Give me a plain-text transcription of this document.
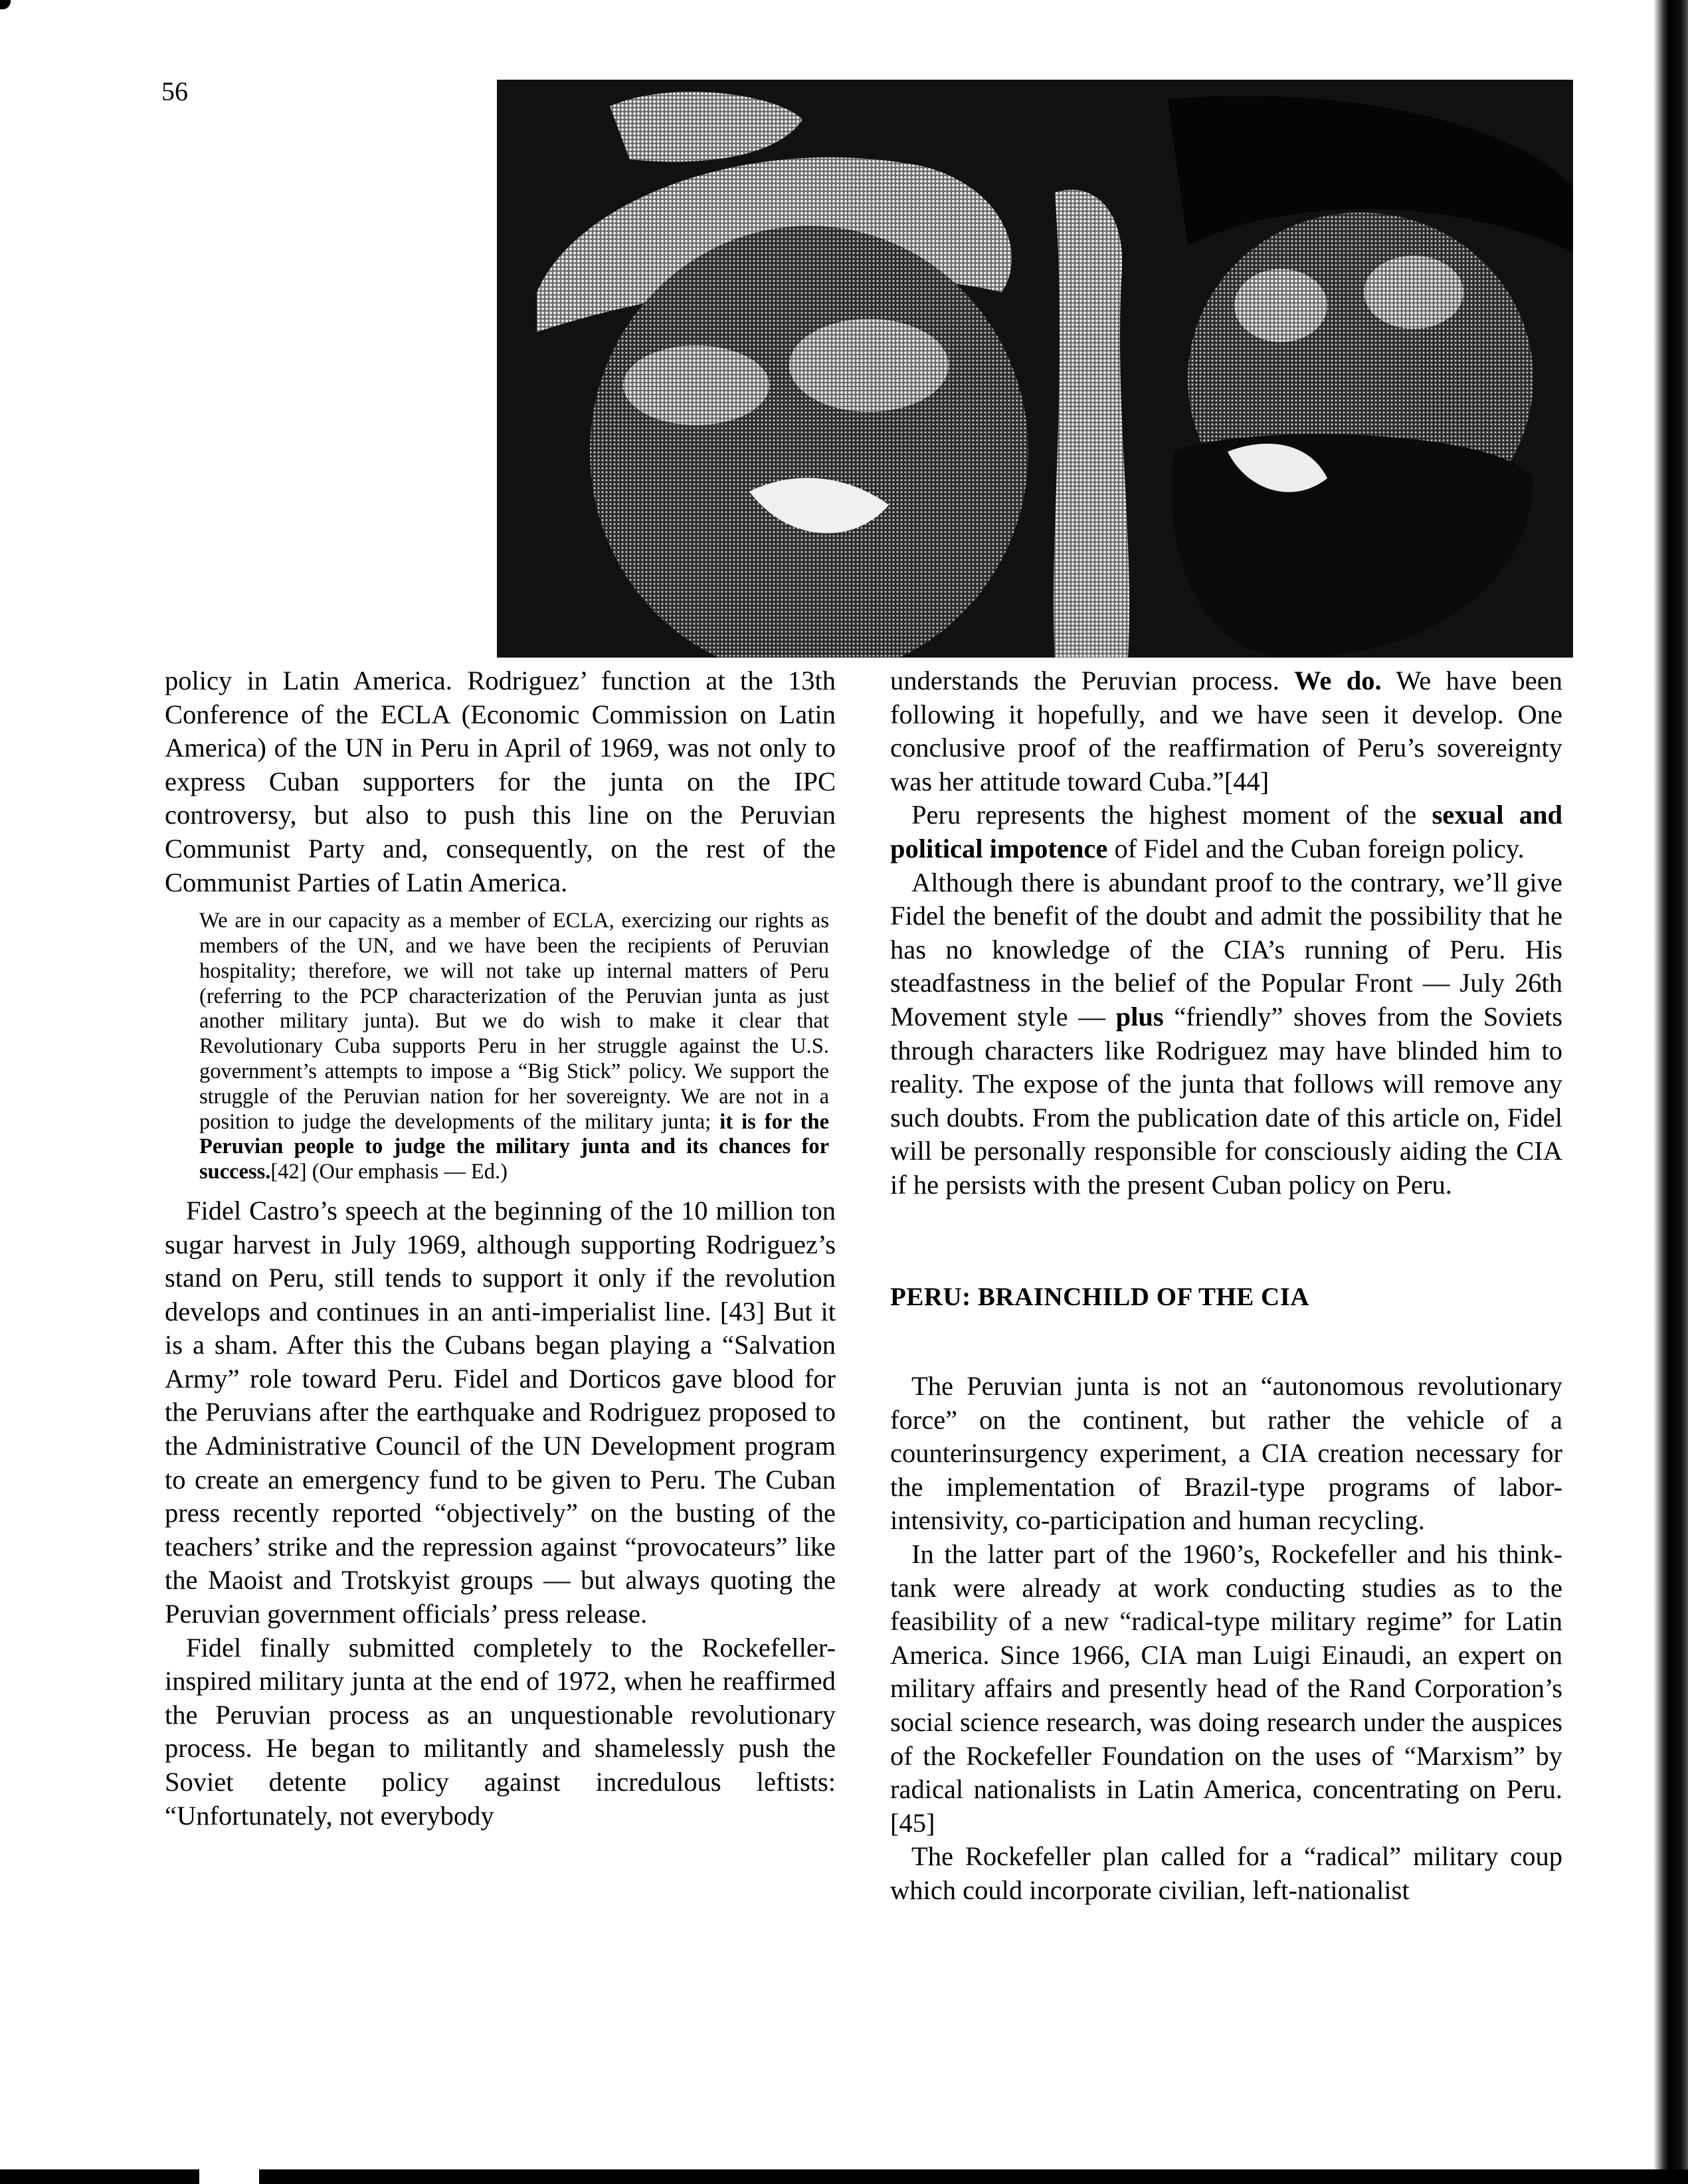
56

policy in Latin America. Rodriguez’ function at the 13th Conference of the ECLA (Economic Commission on Latin America) of the UN in Peru in April of 1969, was not only to express Cuban supporters for the junta on the IPC controversy, but also to push this line on the Peruvian Communist Party and, consequently, on the rest of the Communist Parties of Latin America.

We are in our capacity as a member of ECLA, exercizing our rights as members of the UN, and we have been the recipients of Peruvian hospitality; therefore, we will not take up internal matters of Peru (referring to the PCP characterization of the Peruvian junta as just another military junta). But we do wish to make it clear that Revolutionary Cuba supports Peru in her struggle against the U.S. government’s attempts to impose a “Big Stick” policy. We support the struggle of the Peruvian nation for her sovereignty. We are not in a position to judge the developments of the military junta; it is for the Peruvian people to judge the military junta and its chances for success.[42] (Our emphasis — Ed.)

Fidel Castro’s speech at the beginning of the 10 million ton sugar harvest in July 1969, although supporting Rodriguez’s stand on Peru, still tends to support it only if the revolution develops and continues in an anti-imperialist line. [43] But it is a sham. After this the Cubans began playing a “Salvation Army” role toward Peru. Fidel and Dorticos gave blood for the Peruvians after the earthquake and Rodriguez proposed to the Administrative Council of the UN Development program to create an emergency fund to be given to Peru. The Cuban press recently reported “objectively” on the busting of the teachers’ strike and the repression against “provocateurs” like the Maoist and Trotskyist groups — but always quoting the Peruvian government officials’ press release.

Fidel finally submitted completely to the Rockefeller-inspired military junta at the end of 1972, when he reaffirmed the Peruvian process as an unquestionable revolutionary process. He began to militantly and shamelessly push the Soviet detente policy against incredulous leftists: “Unfortunately, not everybody

understands the Peruvian process. We do. We have been following it hopefully, and we have seen it develop. One conclusive proof of the reaffirmation of Peru’s sovereignty was her attitude toward Cuba.”[44]

Peru represents the highest moment of the sexual and political impotence of Fidel and the Cuban foreign policy.

Although there is abundant proof to the contrary, we’ll give Fidel the benefit of the doubt and admit the possibility that he has no knowledge of the CIA’s running of Peru. His steadfastness in the belief of the Popular Front — July 26th Movement style — plus “friendly” shoves from the Soviets through characters like Rodriguez may have blinded him to reality. The expose of the junta that follows will remove any such doubts. From the publication date of this article on, Fidel will be personally responsible for consciously aiding the CIA if he persists with the present Cuban policy on Peru.

PERU: BRAINCHILD OF THE CIA

The Peruvian junta is not an “autonomous revolutionary force” on the continent, but rather the vehicle of a counterinsurgency experiment, a CIA creation necessary for the implementation of Brazil-type programs of labor-intensivity, co-participation and human recycling.

In the latter part of the 1960’s, Rockefeller and his think-tank were already at work conducting studies as to the feasibility of a new “radical-type military regime” for Latin America. Since 1966, CIA man Luigi Einaudi, an expert on military affairs and presently head of the Rand Corporation’s social science research, was doing research under the auspices of the Rockefeller Foundation on the uses of “Marxism” by radical nationalists in Latin America, concentrating on Peru. [45]

The Rockefeller plan called for a “radical” military coup which could incorporate civilian, left-nationalist
